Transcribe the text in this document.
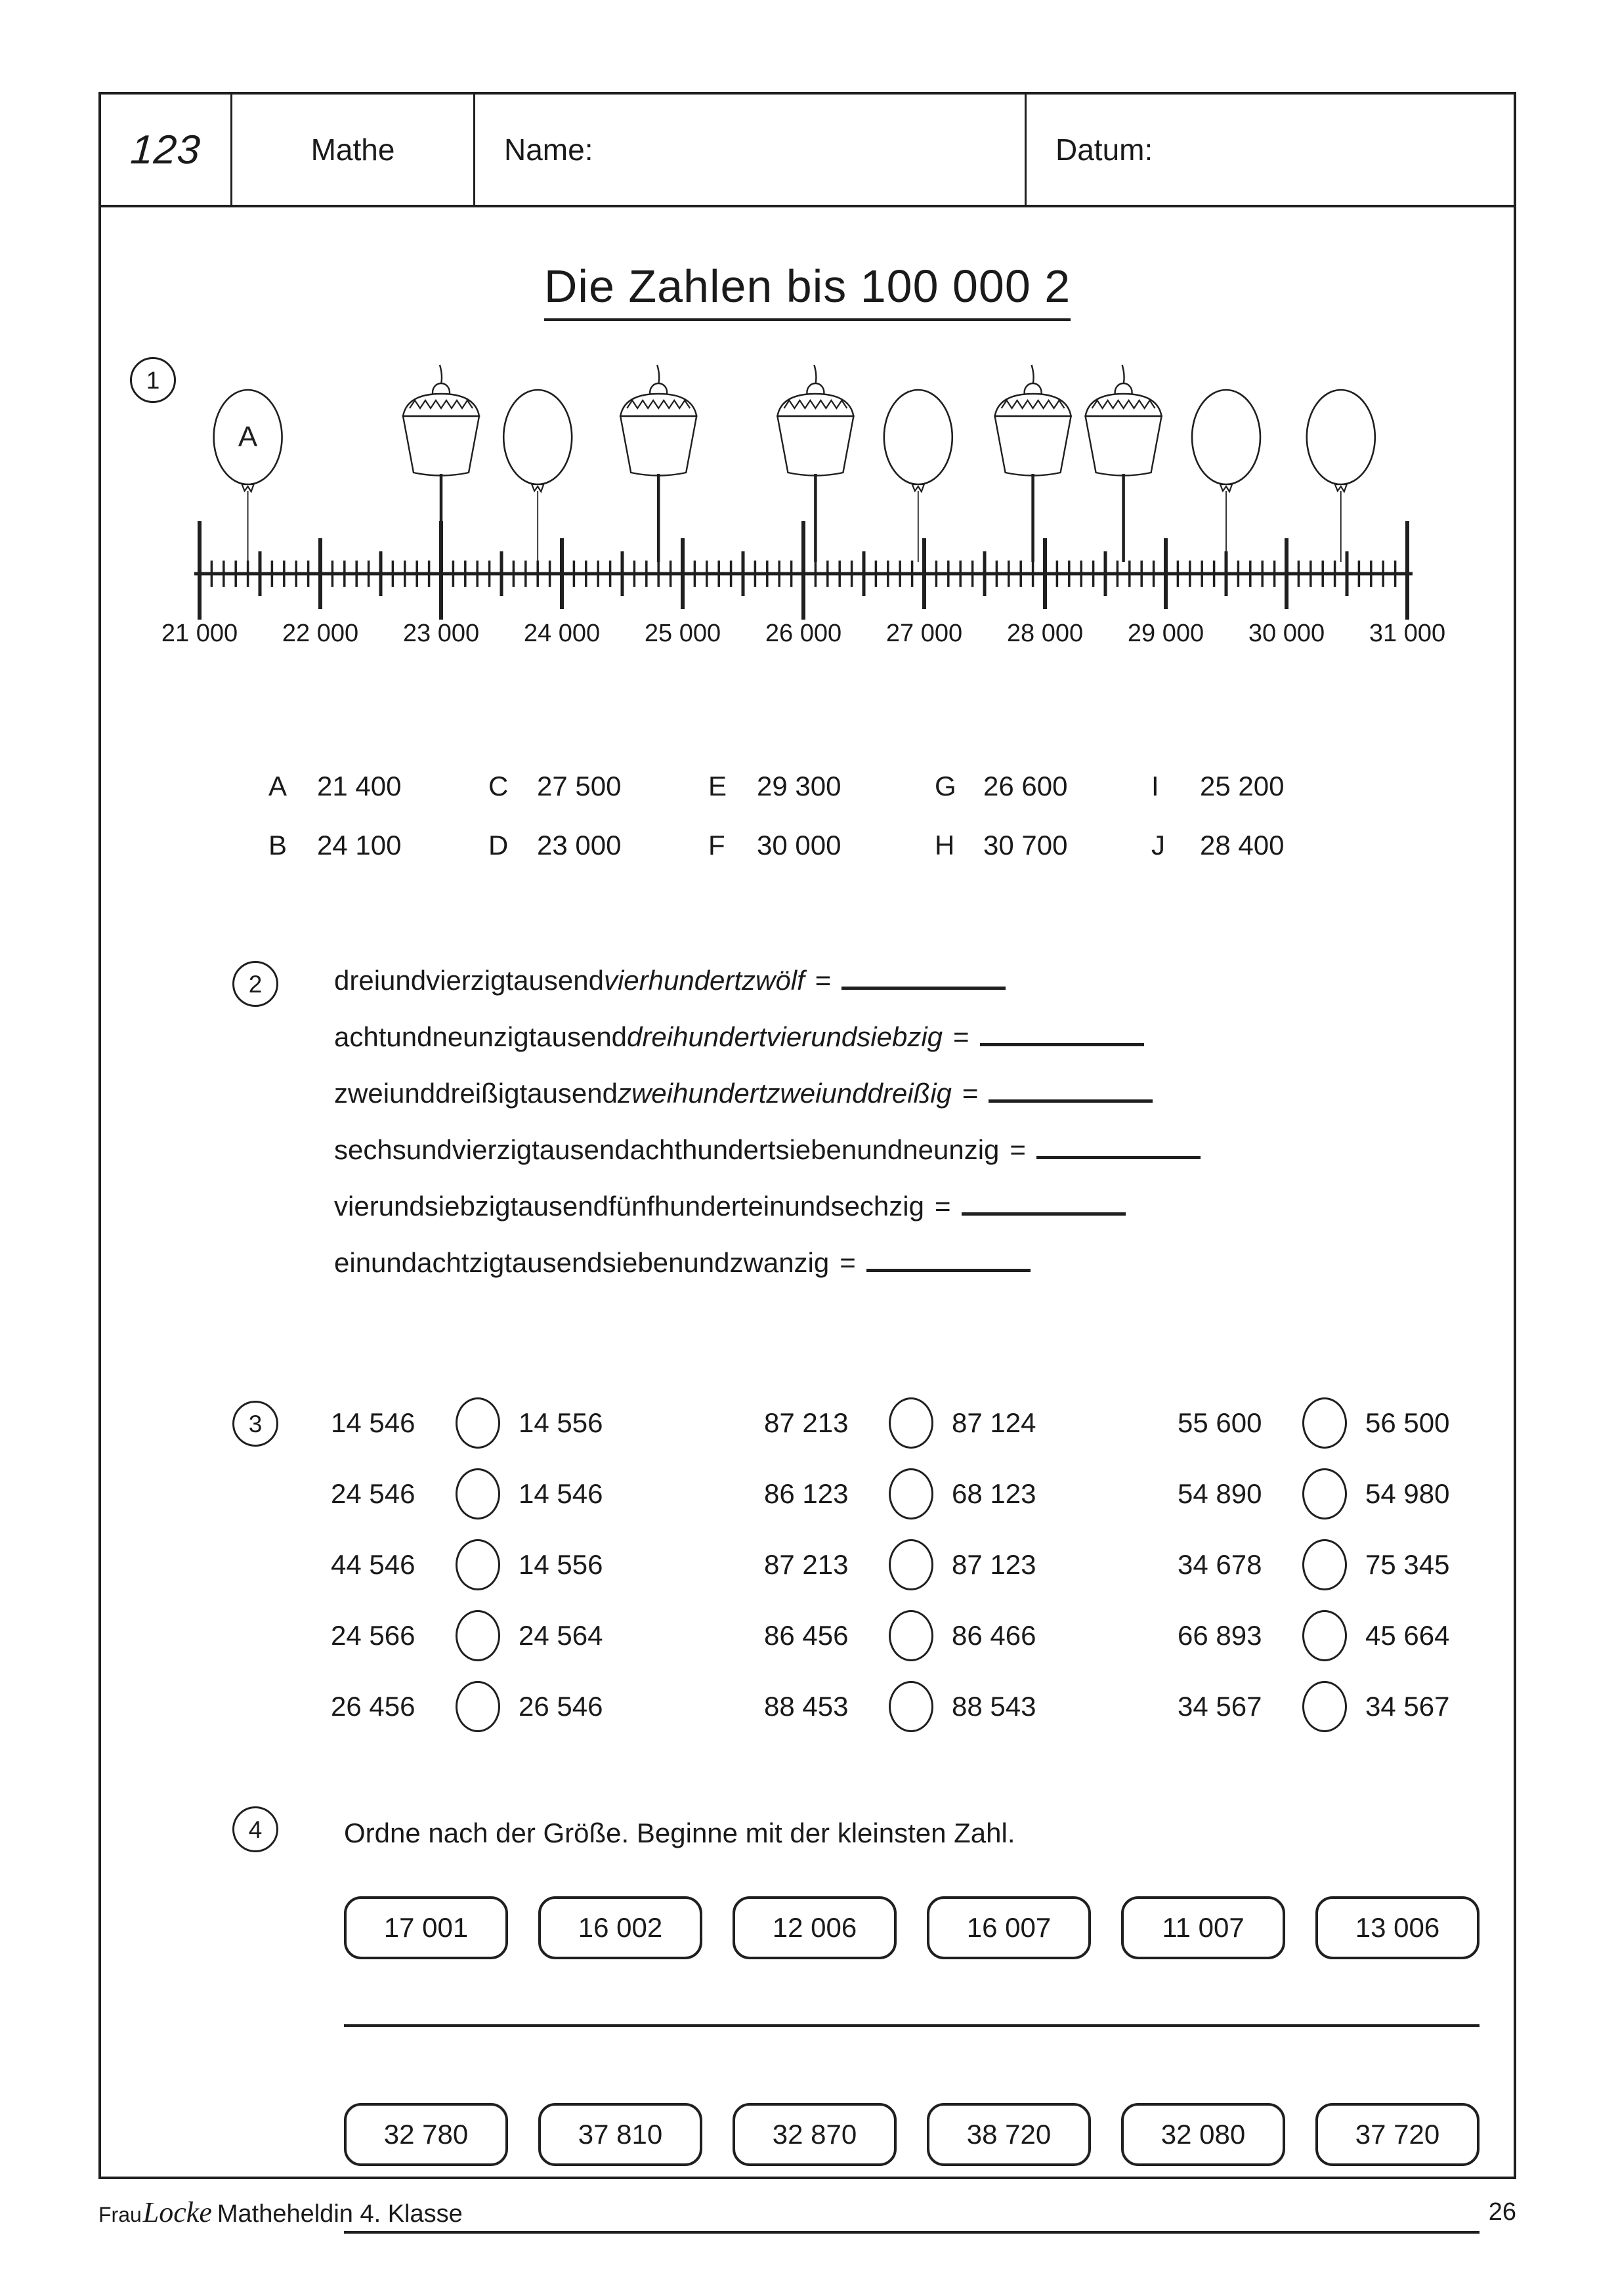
123	Mathe	Name:	Datum:
Die Zahlen bis 100 000 2
1
A
21 000 22 000 23 000 24 000 25 000 26 000 27 000 28 000 29 000 30 000 31 000
A	21 400	C	27 500	E	29 300	G 26 600	I	25 200
B	24 100	D	23 000	F	30 000	H	30 700	J	28 400
2	dreiundvierzigtausend vierhundertzwölf =
achtundneunzigtausend dreihundertvierundsiebzig =
zweiunddreißigtausend zweihundertzweiunddreißig =
sechsundvierzigtausendachthundertsiebenundneunzig =
vierundsiebzigtausendfünfhunderteinundsechzig =
einundachtzigtausendsiebenundzwanzig =
3 14 546	14 556	87 213	87 124	55 600	56 500
24 546	14 546	86 123	68 123	54 890	54 980
44 546	14 556	87 213	87 123	34 678	75 345
24 566	24 564	86 456	86 466	66 893	45 664
26 456	26 546	88 453	88 543	34 567	34 567
4	Ordne nach der Größe. Beginne mit der kleinsten Zahl.
17 001	16 002	12 006	16 007	11 007	13 006
32 780	37 810	32 870	38 720	32 080	37 720
Frau Locke Matheheldin 4. Klasse	26
